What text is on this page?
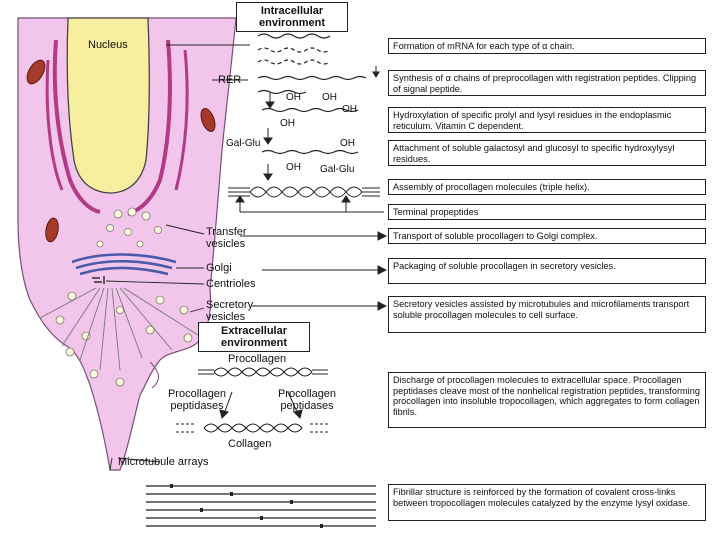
Intracellular environment
Extracellular environment
Nucleus
RER
OH OH
OH
OH
Gal-Glu	OH
OH Gal-Glu
Transfer vesicles
Golgi
Centrioles
Secretory vesicles
Procollagen
Procollagen peptidases
Procollagen peptidases
Collagen
Microtubule arrays
Formation of mRNA for each type of α chain.
Synthesis of α chains of preprocollagen with registration peptides. Clipping of signal peptide.
Hydroxylation of specific prolyl and lysyl residues in the endoplasmic reticulum. Vitamin C dependent.
Attachment of soluble galactosyl and glucosyl to specific hydroxylysyl residues.
Assembly of procollagen molecules (triple helix).
Terminal propeptides
Transport of soluble procollagen to Golgi complex.
Packaging of soluble procollagen in secretory vesicles.
Secretory vesicles assisted by microtubules and microfilaments transport soluble procollagen molecules to cell surface.
Discharge of procollagen molecules to extracellular space. Procollagen peptidases cleave most of the nonhelical registration peptides, transforming procollagen into insoluble tropocollagen, which aggregates to form collagen fibrils.
Fibrillar structure is reinforced by the formation of covalent cross-links between tropocollagen molecules catalyzed by the enzyme lysyl oxidase.
